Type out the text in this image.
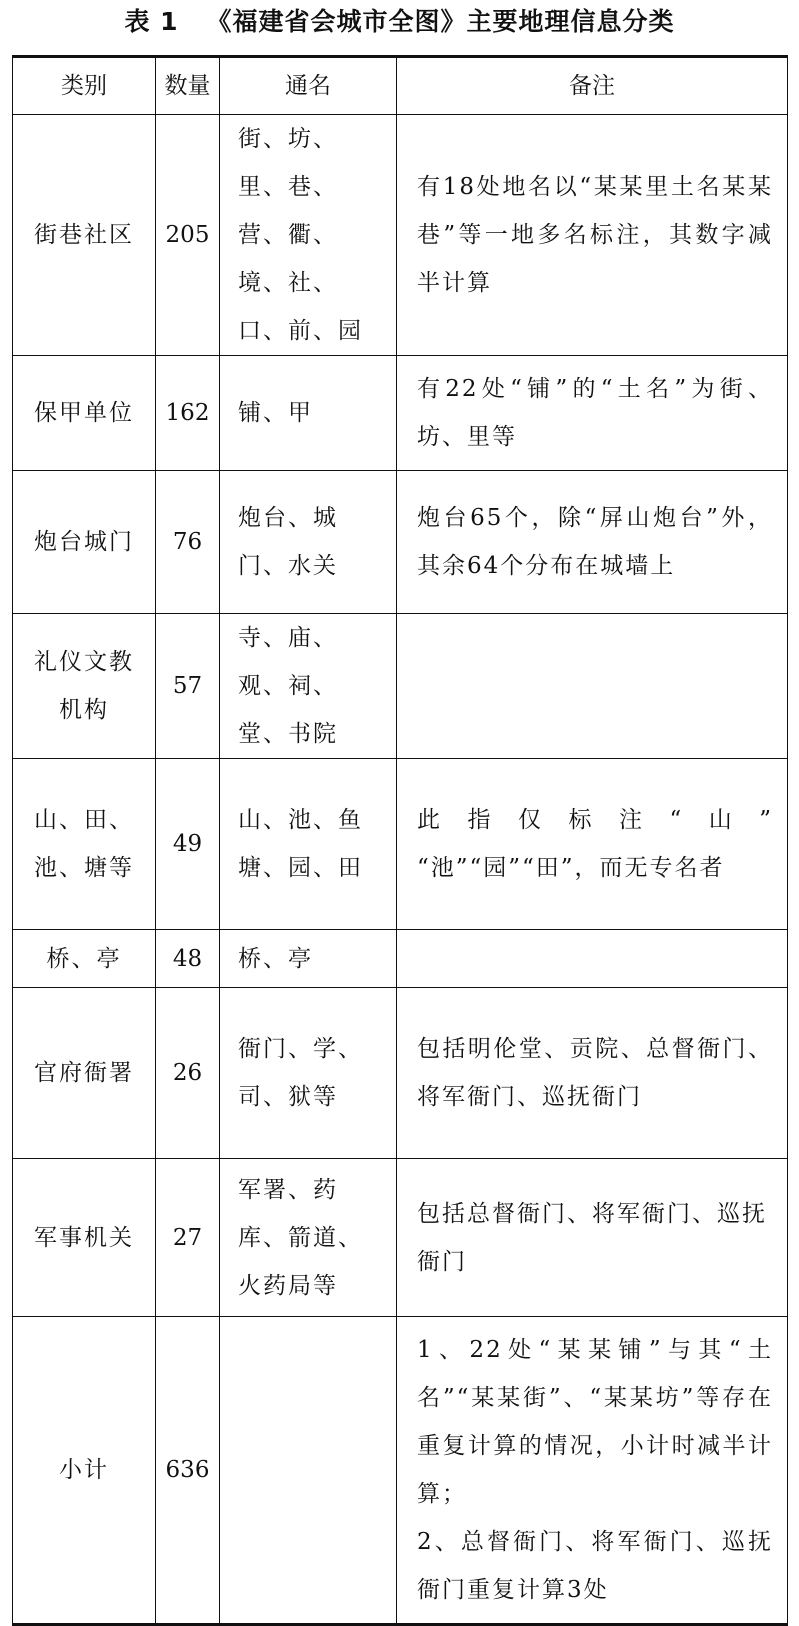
表 1 《福建省会城市全图》主要地理信息分类
类别	数量	通名	备注
街巷社区	205	街、坊、里、巷、营、衢、境、社、口、前、园	有18处地名以“某某里土名某某巷”等一地多名标注，其数字减半计算
保甲单位	162	铺、甲	有22处“铺”的“土名”为街、坊、里等
炮台城门	76	炮台、城门、水关	炮台65个，除“屏山炮台”外，其余64个分布在城墙上
礼仪文教机构	57	寺、庙、观、祠、堂、书院	
山、田、池、塘等	49	山、池、鱼塘、园、田	此指仅标注“山” “池”“园”“田”，而无专名者
桥、亭	48	桥、亭	
官府衙署	26	衙门、学、司、狱等	包括明伦堂、贡院、总督衙门、将军衙门、巡抚衙门
军事机关	27	军署、药库、箭道、火药局等	包括总督衙门、将军衙门、巡抚衙门
小计	636		1、22处“某某铺”与其“土名”“某某街”、“某某坊”等存在重复计算的情况，小计时减半计算；
2、总督衙门、将军衙门、巡抚衙门重复计算3处
